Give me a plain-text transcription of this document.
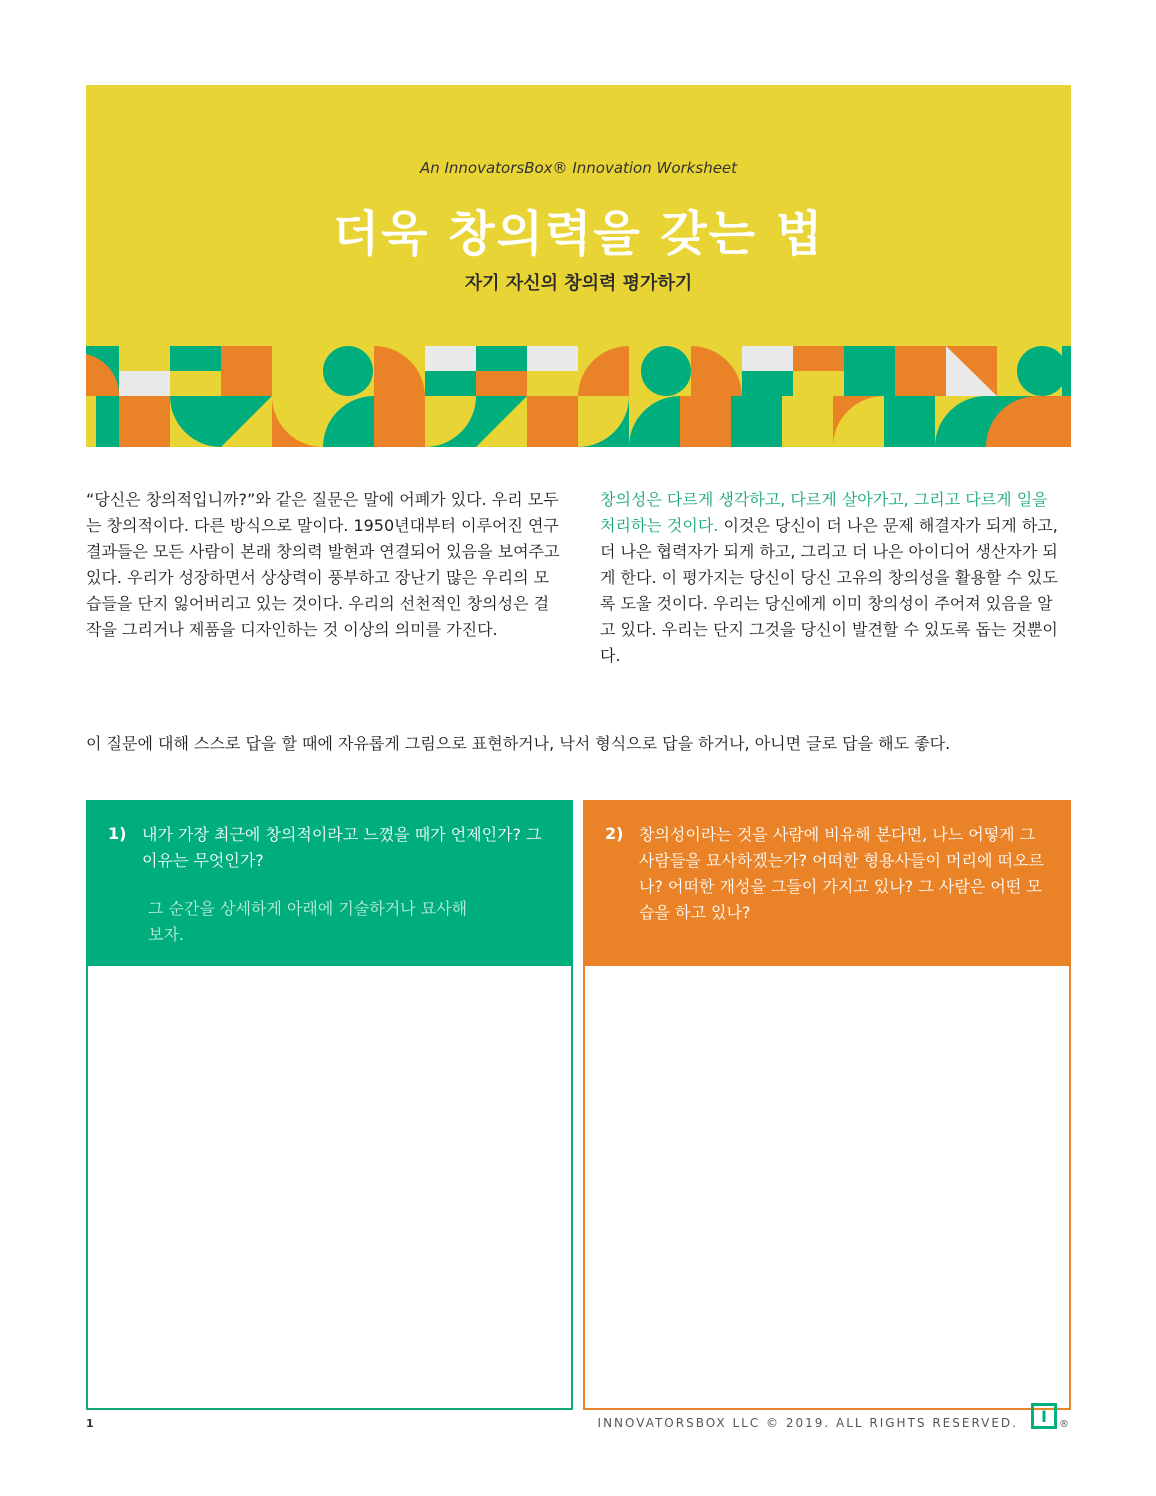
An InnovatorsBox® Innovation Worksheet
더욱 창의력을 갖는 법
자기 자신의 창의력 평가하기
“당신은 창의적입니까?”와 같은 질문은 말에 어폐가 있다. 우리 모두는 창의적이다. 다른 방식으로 말이다. 1950년대부터 이루어진 연구 결과들은 모든 사람이 본래 창의력 발현과 연결되어 있음을 보여주고 있다. 우리가 성장하면서 상상력이 풍부하고 장난기 많은 우리의 모습들을 단지 잃어버리고 있는 것이다. 우리의 선천적인 창의성은 걸작을 그리거나 제품을 디자인하는 것 이상의 의미를 가진다.
창의성은 다르게 생각하고, 다르게 살아가고, 그리고 다르게 일을 처리하는 것이다. 이것은 당신이 더 나은 문제 해결자가 되게 하고, 더 나은 협력자가 되게 하고, 그리고 더 나은 아이디어 생산자가 되게 한다. 이 평가지는 당신이 당신 고유의 창의성을 활용할 수 있도록 도울 것이다. 우리는 당신에게 이미 창의성이 주어져 있음을 알고 있다. 우리는 단지 그것을 당신이 발견할 수 있도록 돕는 것뿐이다.
이 질문에 대해 스스로 답을 할 때에 자유롭게 그림으로 표현하거나, 낙서 형식으로 답을 하거나, 아니면 글로 답을 해도 좋다.
1) 내가 가장 최근에 창의적이라고 느꼈을 때가 언제인가? 그 이유는 무엇인가?
그 순간을 상세하게 아래에 기술하거나 묘사해 보자.
2) 창의성이라는 것을 사람에 비유해 본다면, 나느 어떻게 그 사람들을 묘사하겠는가? 어떠한 형용사들이 머리에 떠오르나? 어떠한 개성을 그들이 가지고 있나? 그 사람은 어떤 모습을 하고 있나?
1	INNOVATORSBOX LLC © 2019. ALL RIGHTS RESERVED.	I	®
